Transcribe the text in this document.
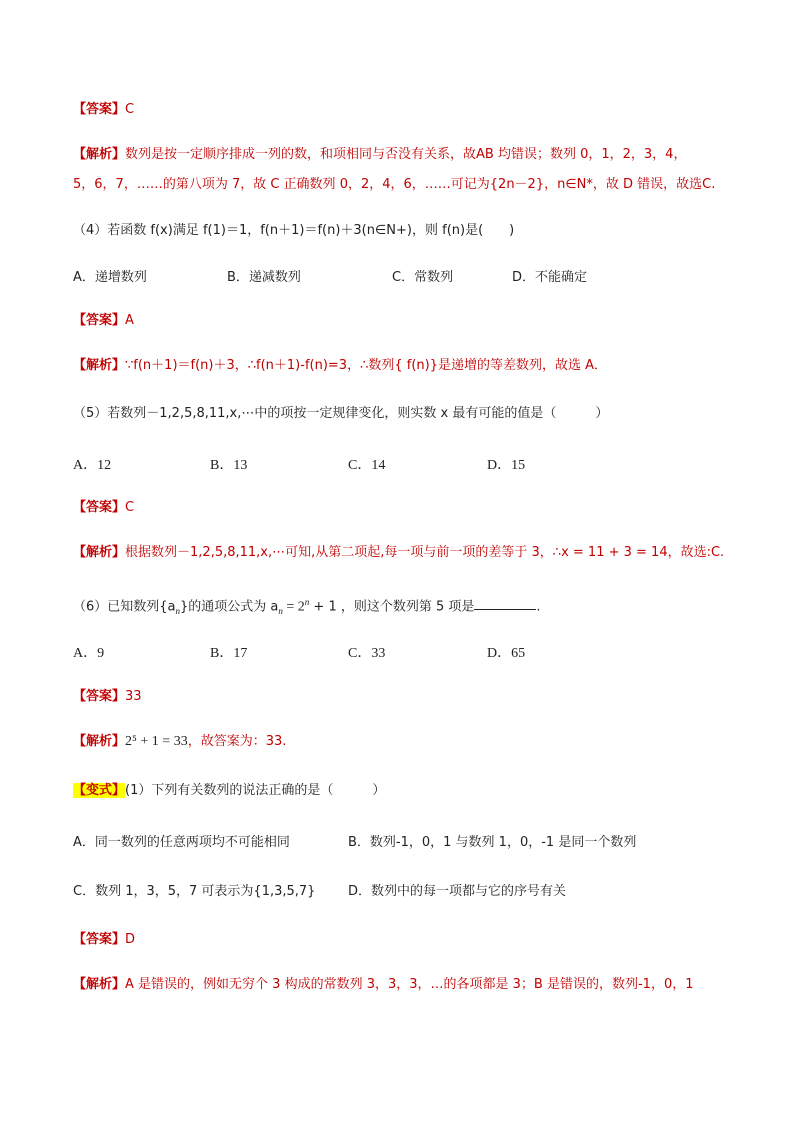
【答案】C
【解析】数列是按一定顺序排成一列的数，和项相同与否没有关系，故AB 均错误；数列 0，1，2，3，4，
5，6，7，……的第八项为 7，故 C 正确数列 0，2，4，6，……可记为{2n－2}，n∈N*，故 D 错误，故选C.
（4）若函数 f(x)满足 f(1)＝1，f(n＋1)＝f(n)＋3(n∈N+)，则 f(n)是(　　)
A．递增数列	B．递减数列	C．常数列	D．不能确定
【答案】A
【解析】∵f(n＋1)＝f(n)＋3，∴f(n＋1)-f(n)=3，∴数列{ f(n)}是递增的等差数列，故选 A．
（5）若数列－1,2,5,8,11,x,⋯中的项按一定规律变化，则实数 x 最有可能的值是（　　　）
A．12	B．13	C．14	D．15
【答案】C
【解析】根据数列－1,2,5,8,11,x,⋯可知,从第二项起,每一项与前一项的差等于 3，∴x = 11 + 3 = 14，故选:C.
（6）已知数列$\{a_n\}$的通项公式为 $a_n = 2^n + 1$ ，则这个数列第 5 项是	.
A．9	B．17	C．33	D．65
【答案】33
【解析】2⁵ + 1 = 33，故答案为：33.
【变式】(1）下列有关数列的说法正确的是（　　　）
A．同一数列的任意两项均不可能相同	B．数列-1，0，1 与数列 1，0，-1 是同一个数列
C．数列 1，3，5，7 可表示为{1,3,5,7}	D．数列中的每一项都与它的序号有关
【答案】D
【解析】A 是错误的，例如无穷个 3 构成的常数列 3，3，3，…的各项都是 3；B 是错误的，数列-1，0，1
